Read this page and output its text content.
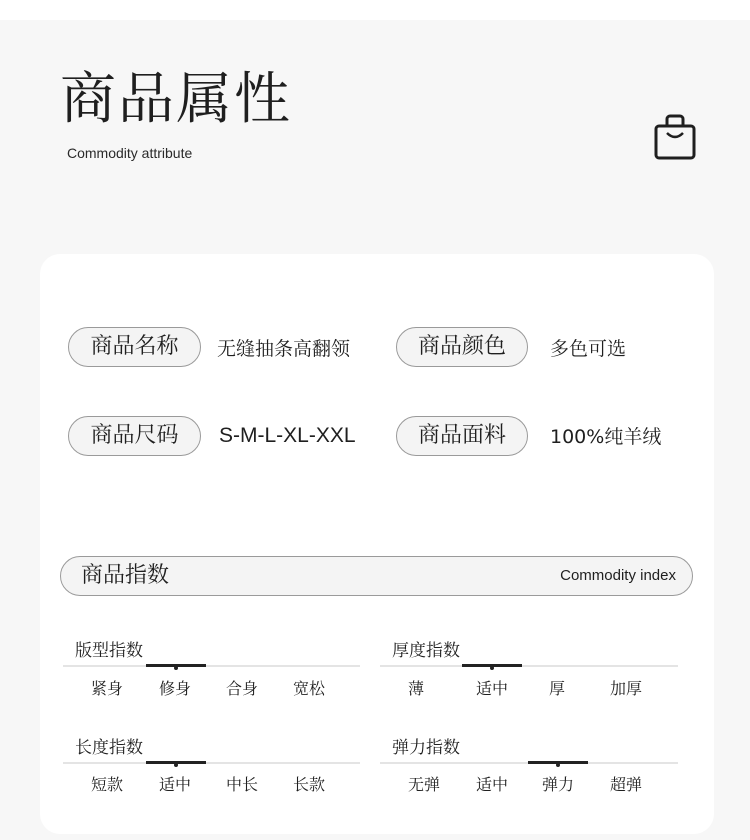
商品属性
Commodity attribute
商品名称	无缝抽条高翻领	商品颜色	多色可选
商品尺码	S-M-L-XL-XXL	商品面料	100%纯羊绒
商品指数	Commodity index
版型指数
紧身	修身	合身	宽松
厚度指数
薄	适中	厚	加厚
长度指数
短款	适中	中长	长款
弹力指数
无弹	适中	弹力	超弹
